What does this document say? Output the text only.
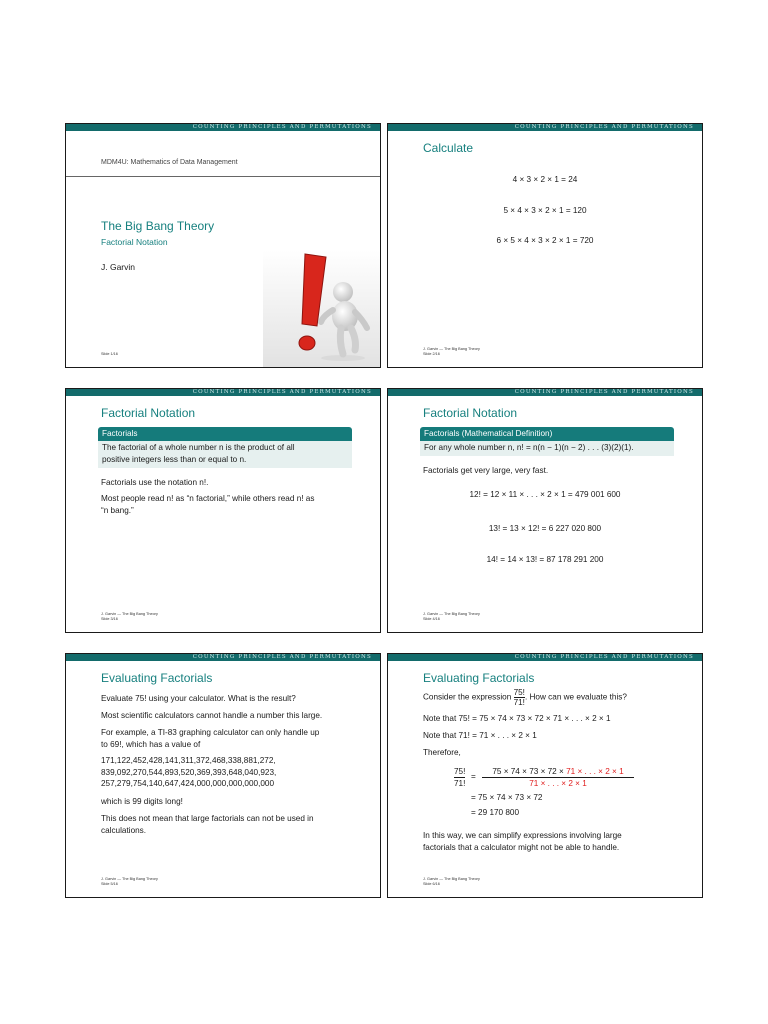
COUNTING PRINCIPLES AND PERMUTATIONS
MDM4U: Mathematics of Data Management
The Big Bang Theory
Factorial Notation
J. Garvin
Slide 1/16
COUNTING PRINCIPLES AND PERMUTATIONS
Calculate
4 × 3 × 2 × 1 = 24
5 × 4 × 3 × 2 × 1 = 120
6 × 5 × 4 × 3 × 2 × 1 = 720
J. Garvin — The Big Bang Theory
Slide 2/16
COUNTING PRINCIPLES AND PERMUTATIONS
Factorial Notation
Factorials
The factorial of a whole number n is the product of all
positive integers less than or equal to n.
Factorials use the notation n!.
Most people read n! as “n factorial,” while others read n! as
“n bang.”
J. Garvin — The Big Bang Theory
Slide 3/16
COUNTING PRINCIPLES AND PERMUTATIONS
Factorial Notation
Factorials (Mathematical Definition)
For any whole number n, n! = n(n − 1)(n − 2) . . . (3)(2)(1).
Factorials get very large, very fast.
12! = 12 × 11 × . . . × 2 × 1 = 479 001 600
13! = 13 × 12! = 6 227 020 800
14! = 14 × 13! = 87 178 291 200
J. Garvin — The Big Bang Theory
Slide 4/16
COUNTING PRINCIPLES AND PERMUTATIONS
Evaluating Factorials
Evaluate 75! using your calculator. What is the result?
Most scientific calculators cannot handle a number this large.
For example, a TI-83 graphing calculator can only handle up
to 69!, which has a value of
171,122,452,428,141,311,372,468,338,881,272,
839,092,270,544,893,520,369,393,648,040,923,
257,279,754,140,647,424,000,000,000,000,000
which is 99 digits long!
This does not mean that large factorials can not be used in
calculations.
J. Garvin — The Big Bang Theory
Slide 5/16
COUNTING PRINCIPLES AND PERMUTATIONS
Evaluating Factorials
Consider the expression $\frac{75!}{71!}$ . How can we evaluate this?
Note that 75! = 75 × 74 × 73 × 72 × 71 × . . . × 2 × 1
Note that 71! = 71 × . . . × 2 × 1
Therefore,
$\frac{75!}{71!} = \frac{75 \times 74 \times 73 \times 72 \times 71 \times . . . \times 2 \times 1}{71 \times . . . \times 2 \times 1}$
= 75 × 74 × 73 × 72
= 29 170 800
In this way, we can simplify expressions involving large
factorials that a calculator might not be able to handle.
J. Garvin — The Big Bang Theory
Slide 6/16
